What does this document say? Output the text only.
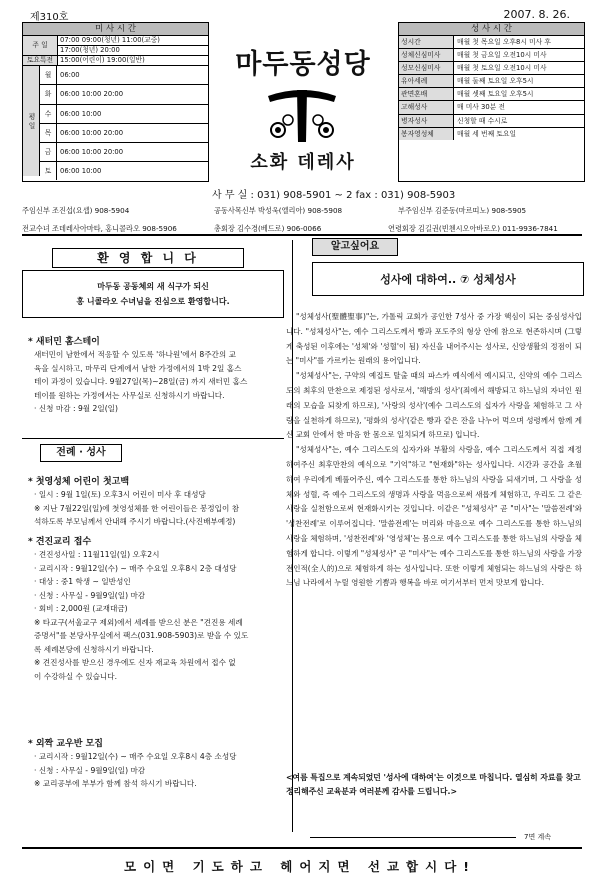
제310호	2007. 8. 26.
미 사 시 간
주 일	07:00 09:00(청년) 11:00(교중)
	17:00(청년) 20:00
토요특전	15:00(어린이) 19:00(일반)
평 일
월	06:00
화	06:00 10:00 20:00
수	06:00 10:00
목	06:00 10:00 20:00
금	06:00 10:00 20:00
토	06:00 10:00
마두동성당
소화 데레사
성 사 시 간
성시간	매월 첫 목요일 오후8시 미사 후
성체신심미사	매월 첫 금요일 오전10시 미사
성모신심미사	매월 첫 토요일 오전10시 미사
유아세례	매월 둘째 토요일 오후5시
관면혼배	매월 셋째 토요일 오후5시
고해성사	매 미사 30분 전
병자성사	신청할 때 수시로
봉자영성체	매월 세 번째 토요일
사 무 실 : 031) 908-5901 ~ 2 fax : 031) 908-5903
주임신부 조진섭(요셉) 908-5904	공동사목신부 박성욱(엘리아) 908-5908	부주임신부 김준동(마르띠노) 908-5905
전교수녀 조데레사아마타, 홍니콜라오 908-5906	총회장 김수경(베드로) 906-0066	연령회장 김길권(빈첸시오아바로오) 011-9936-7841
환 영 합 니 다
마두동 공동체의 새 식구가 되신
홍 니콜라오 수녀님을 진심으로 환영합니다.
* 새터민 홈스테이
새터민이 남한에서 적응할 수 있도록 '하나원'에서 8주간의 교
육을 실시하고, 마무리 단계에서 남한 가정에서의 1박 2일 홈스
테이 과정이 있습니다. 9월27일(목)~28일(금) 까지 새터민 홈스
테이를 원하는 가정에서는 사무실로 신청하시기 바랍니다.
· 신청 마감 : 9월 2일(일)
전례 · 성사
* 첫영성체 어린이 첫고백
· 일시 : 9월 1일(토) 오후3시 어린이 미사 후 대성당
※ 지난 7월22일(일)에 첫영성체를 한 어린이들은 봉정입이 참
석하도록 부모님께서 안내해 주시기 바랍니다.(사진배부예정)
* 견진교리 접수
· 견진성사일 : 11월11일(일) 오후2시
· 교리시작 : 9월12일(수) ~ 매주 수요일 오후8시 2층 대성당
· 대상 : 중1 학생 ~ 일반성인
· 신청 : 사무실 - 9월9일(일) 마감
· 회비 : 2,000원 (교재대금)
※ 타교구(서울교구 제외)에서 세례를 받으신 분은 "견진용 세례
증명서"를 본당사무실에서 팩스(031.908-5903)로 받을 수 있도
록 세례본당에 신청하시기 바랍니다.
※ 견진성사를 받으신 경우에도 신자 재교육 차원에서 접수 없
이 수강하실 수 있습니다.
* 외짝 교우반 모집
· 교리시작 : 9월12일(수) ~ 매주 수요일 오후8시 4층 소성당
· 신청 : 사무실 - 9월9일(일) 마감
※ 교리공부에 부부가 함께 참석 하시기 바랍니다.
알고싶어요
성사에 대하여.. ⑦ 성체성사
"성체성사(聖體聖事)"는, 가톨릭 교회가 공인한 7성사 중 가장 핵심이 되는 중심성사입니다. "성체성사"는, 예수 그리스도께서 빵과 포도주의 형상 안에 참으로 현존하시며 (그렇게 축성된 이후에는 '성체'와 '성혈'이 됨) 자신을 내어주시는 성사로, 신앙생활의 정점이 되는 "미사"를 가르키는 원래의 용어입니다.
"성체성사"는, 구약의 예집트 탈출 때의 파스카 예식에서 예시되고, 신약의 예수 그리스도의 최후의 만찬으로 제정된 성사로서, '해방의 성사'(죄에서 해방되고 하느님의 자녀인 원래의 모습을 되찾게 하므로), '사랑의 성사'(예수 그리스도의 십자가 사랑을 체험하고 그 사랑을 실천하게 하므로), '평화의 성사'(같은 빵과 같은 잔을 나누어 먹으며 성령께서 함께 계신 교회 안에서 한 마음 한 몸으로 일치되게 하므로) 입니다.
"성체성사"는, 예수 그리스도의 십자가와 부활의 사랑을, 예수 그리스도께서 직접 제정하여주신 최후만찬의 예식으로 "기억"하고 "현재화"하는 성사입니다. 시간과 공간을 초월하여 우리에게 베풀어주신, 예수 그리스도를 통한 하느님의 사랑을 되새기며, 그 사랑을 성체와 성혈, 즉 예수 그리스도의 생명과 사랑을 먹음으로써 새롭게 체험하고, 우리도 그 같은 사랑을 실천함으로써 현재화시키는 것입니다. 이같은 "성체성사" 곧 "미사"는 '말씀전례'와 '성찬전례'로 이루어집니다. '말씀전례'는 머리와 마음으로 예수 그리스도를 통한 하느님의 사랑을 체험하며, '성찬전례'와 '영성체'는 몸으로 예수 그리스도를 통한 하느님의 사랑을 체험하게 합니다. 이렇게 "성체성사" 곧 "미사"는 예수 그리스도를 통한 하느님의 사랑을 가장 전인적(全人的)으로 체험하게 하는 성사입니다. 또한 이렇게 체험되는 하느님의 사랑은 하느님 나라에서 누릴 영원한 기쁨과 행복을 바로 여기서부터 먼저 맛보게 합니다.
<여름 특집으로 계속되었던 '성사에 대하여'는 이것으로 마칩니다. 열심히 자료를 찾고 정리해주신 교육분과 여러분께 감사를 드립니다.>
7면 계속
모이면 기도하고 헤어지면 선교합시다!
